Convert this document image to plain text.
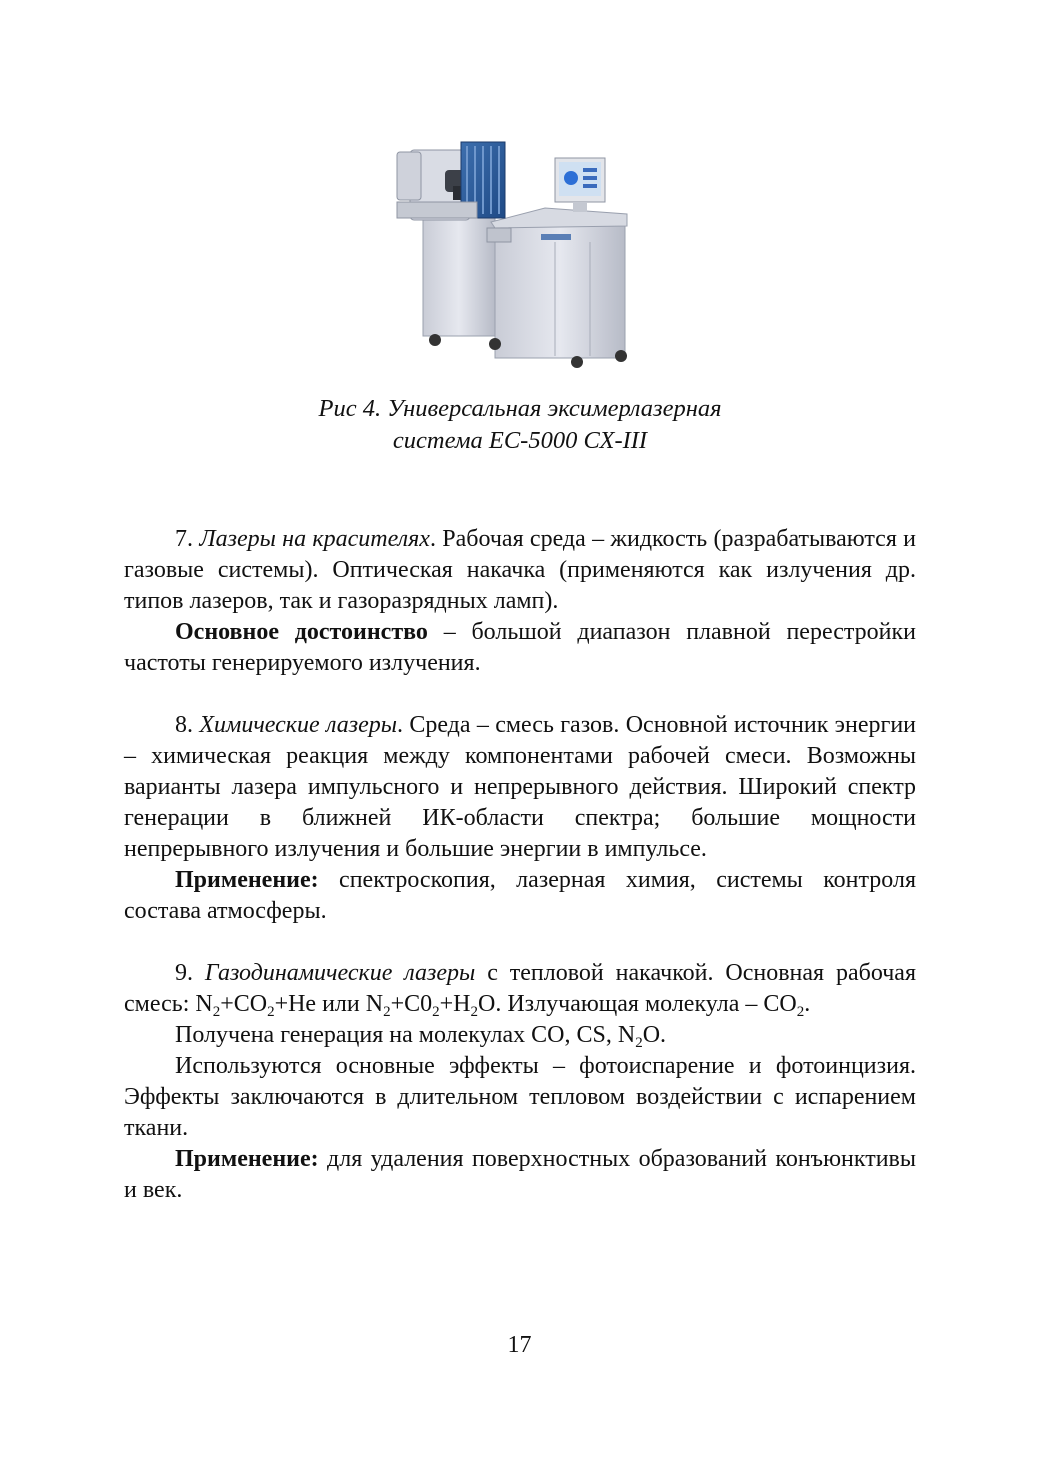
Рис 4. Универсальная эксимерлазерная
система ЕС-5000 СХ-III

7. Лазеры на красителях. Рабочая среда – жидкость (разрабатываются и газовые системы). Оптическая накачка (применяются как излучения др. типов лазеров, так и газоразрядных ламп).

Основное достоинство – большой диапазон плавной перестройки частоты генерируемого излучения.

8. Химические лазеры. Среда – смесь газов. Основной источник энергии – химическая реакция между компонентами рабочей смеси. Возможны варианты лазера импульсного и непрерывного действия. Широкий спектр генерации в ближней ИК-области спектра; большие мощности непрерывного излучения и большие энергии в импульсе.

Применение: спектроскопия, лазерная химия, системы контроля состава атмосферы.

9. Газодинамические лазеры с тепловой накачкой. Основная рабочая смесь: $N_2+CO_2+He$ или $N_2+C0_2+H_2O$. Излучающая молекула – $CO_2$.

Получена генерация на молекулах CO, CS, $N_2O$.

Используются основные эффекты – фотоиспарение и фотоинцизия. Эффекты заключаются в длительном тепловом воздействии с испарением ткани.

Применение: для удаления поверхностных образований конъюнктивы и век.

17
